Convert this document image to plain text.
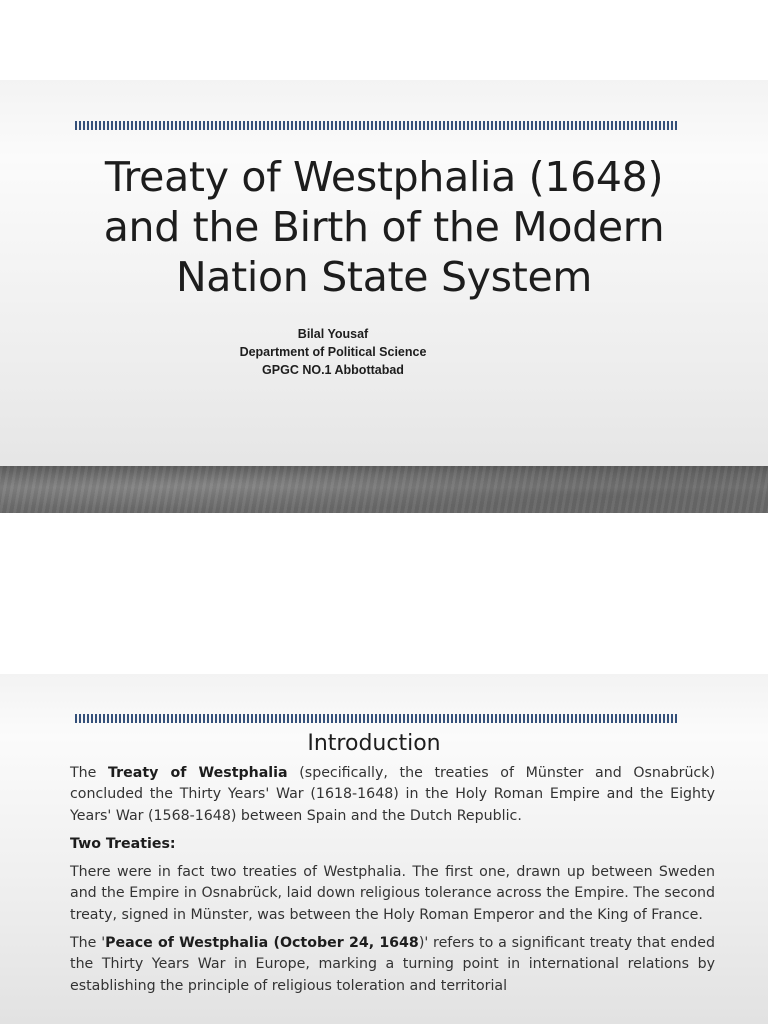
Treaty of Westphalia (1648)
and the Birth of the Modern
Nation State System
Bilal Yousaf
Department of Political Science
GPGC NO.1 Abbottabad
Introduction

The Treaty of Westphalia (specifically, the treaties of Münster and Osnabrück) concluded the Thirty Years' War (1618-1648) in the Holy Roman Empire and the Eighty Years' War (1568-1648) between Spain and the Dutch Republic.

Two Treaties:

There were in fact two treaties of Westphalia. The first one, drawn up between Sweden and the Empire in Osnabrück, laid down religious tolerance across the Empire. The second treaty, signed in Münster, was between the Holy Roman Emperor and the King of France.

The 'Peace of Westphalia (October 24, 1648)' refers to a significant treaty that ended the Thirty Years War in Europe, marking a turning point in international relations by establishing the principle of religious toleration and territorial
